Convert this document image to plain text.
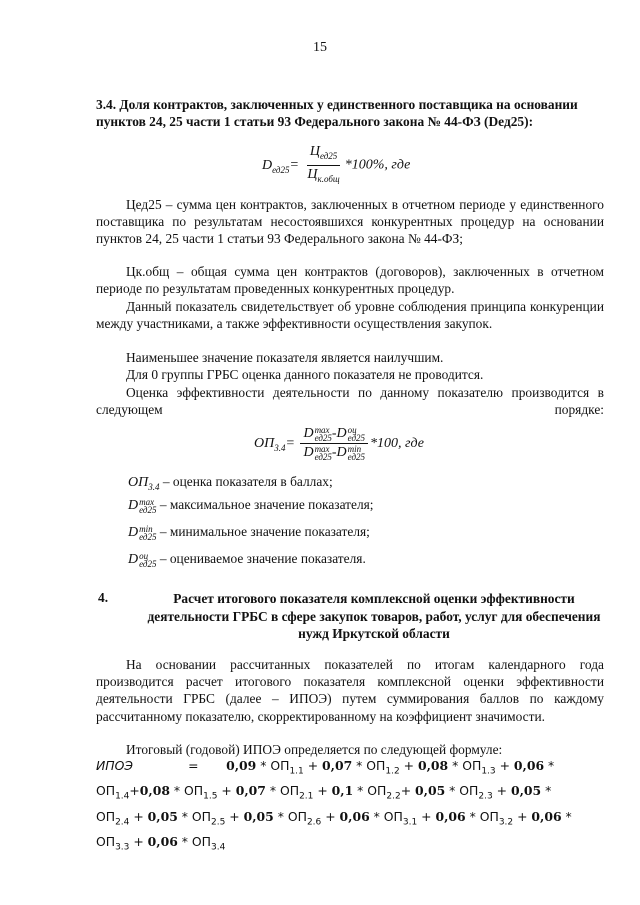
15
3.4. Доля контрактов, заключенных у единственного поставщика на основании пунктов 24, 25 части 1 статьи 93 Федерального закона № 44-ФЗ (Dед25):
$D_{ед25}= \frac{Ц_{ед25}}{Ц_{к.общ}} *100\%$, где
Цед25 – сумма цен контрактов, заключенных в отчетном периоде у единственного поставщика по результатам несостоявшихся конкурентных процедур на основании пунктов 24, 25 части 1 статьи 93 Федерального закона № 44-ФЗ;
Цк.общ – общая сумма цен контрактов (договоров), заключенных в отчетном периоде по результатам проведенных конкурентных процедур.
Данный показатель свидетельствует об уровне соблюдения принципа конкуренции между участниками, а также эффективности осуществления закупок.
Наименьшее значение показателя является наилучшим.
Для 0 группы ГРБС оценка данного показателя не проводится.
Оценка эффективности деятельности по данному показателю производится в следующем порядке:
$ОП_{3.4}= D$ max
ед25 -D оц
ед25
D max
ед25 -D min
ед25 *100, где
$ОП_{3.4}$ – оценка показателя в баллах;
D max
ед25 – максимальное значение показателя;
D min
ед25 – минимальное значение показателя;
D оц
ед25 – оцениваемое значение показателя.
4.	Расчет итогового показателя комплексной оценки эффективности деятельности ГРБС в сфере закупок товаров, работ, услуг для обеспечения нужд Иркутской области
На основании рассчитанных показателей по итогам календарного года производится расчет итогового показателя комплексной оценки эффективности деятельности ГРБС (далее – ИПОЭ) путем суммирования баллов по каждому рассчитанному показателю, скорректированному на коэффициент значимости.
Итоговый (годовой) ИПОЭ определяется по следующей формуле:
ИПОЭ              =       $0,09 * ОП_{1.1} + 0,07 * ОП_{1.2} + 0,08 * ОП_{1.3} + 0,06$ *
$ОП_{1.4}+0,08 * ОП_{1.5} + 0,07 * ОП_{2.1} + 0,1 * ОП_{2.2}+ 0,05 * ОП_{2.3} + 0,05$ *
$ОП_{2.4} + 0,05 * ОП_{2.5} + 0,05 * ОП_{2.6} + 0,06 * ОП_{3.1} + 0,06 * ОП_{3.2} + 0,06$ *
$ОП_{3.3} + 0,06 * ОП_{3.4}$
